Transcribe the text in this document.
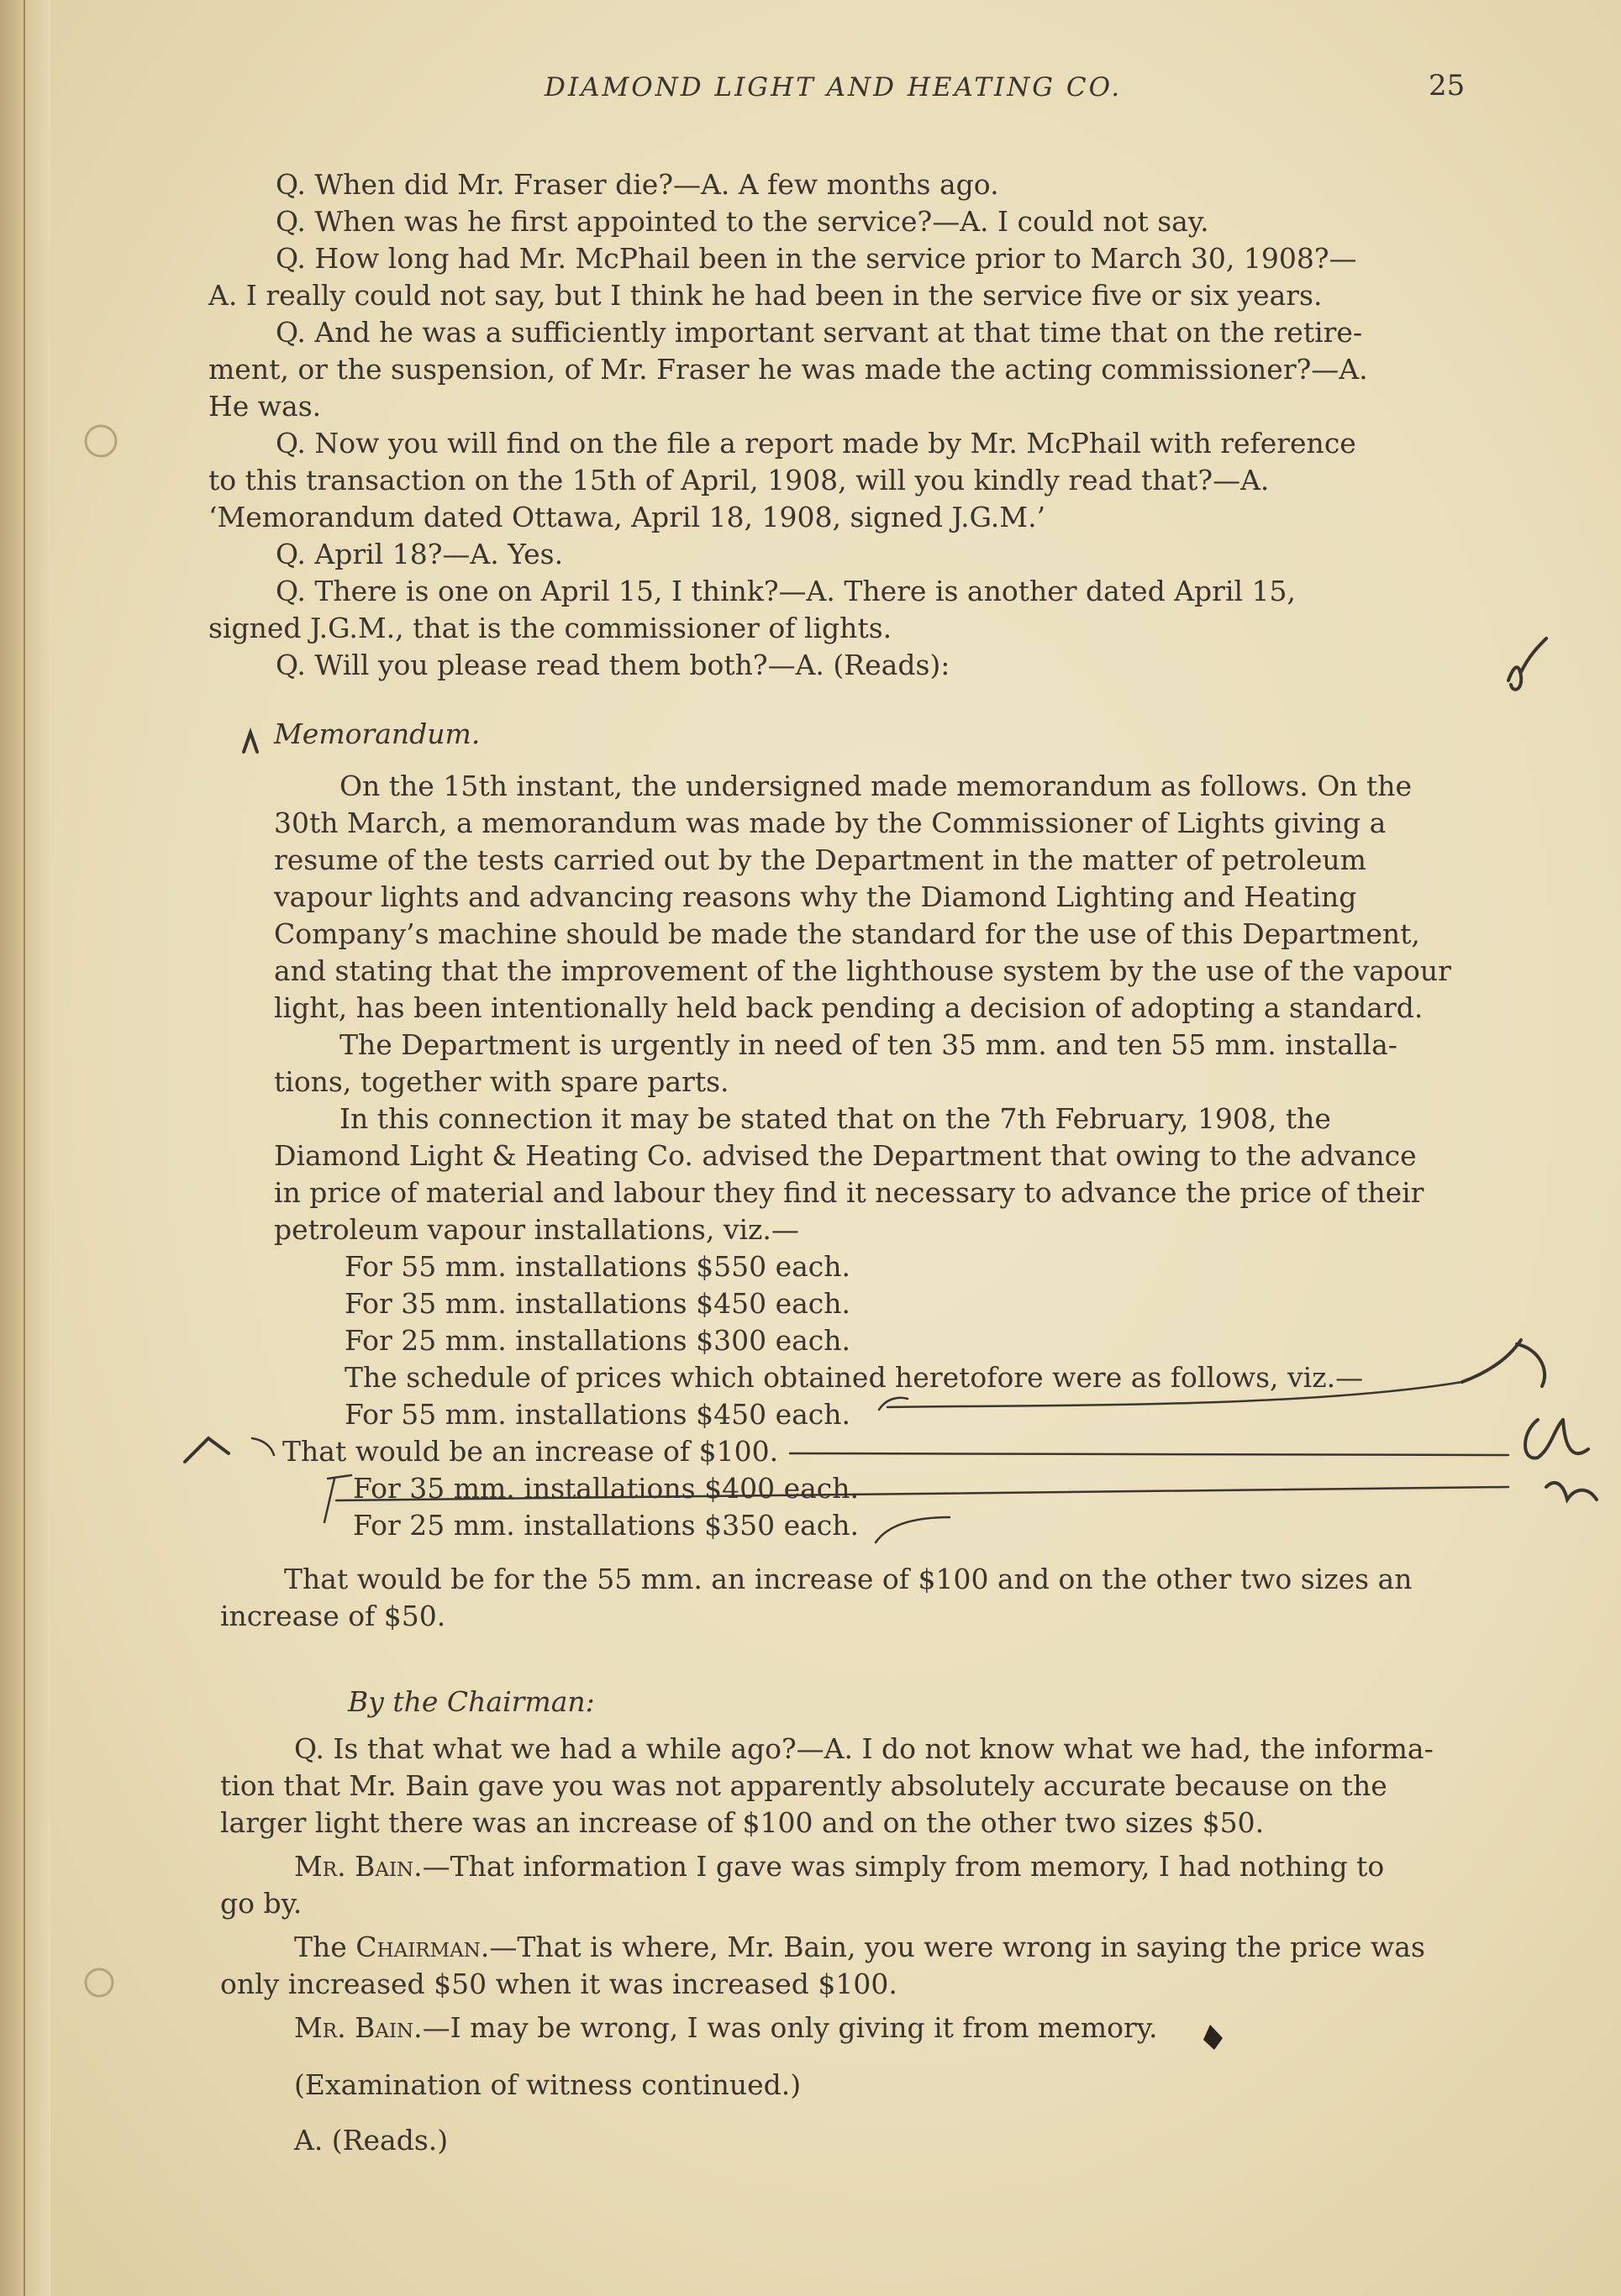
DIAMOND LIGHT AND HEATING CO.	25
Q. When did Mr. Fraser die?—A. A few months ago.
Q. When was he first appointed to the service?—A. I could not say.
Q. How long had Mr. McPhail been in the service prior to March 30, 1908?—
A. I really could not say, but I think he had been in the service five or six years.
Q. And he was a sufficiently important servant at that time that on the retire-
ment, or the suspension, of Mr. Fraser he was made the acting commissioner?—A.
He was.
Q. Now you will find on the file a report made by Mr. McPhail with reference
to this transaction on the 15th of April, 1908, will you kindly read that?—A.
‘Memorandum dated Ottawa, April 18, 1908, signed J.G.M.’
Q. April 18?—A. Yes.
Q. There is one on April 15, I think?—A. There is another dated April 15,
signed J.G.M., that is the commissioner of lights.
Q. Will you please read them both?—A. (Reads):
Memorandum.
On the 15th instant, the undersigned made memorandum as follows. On the
30th March, a memorandum was made by the Commissioner of Lights giving a
resume of the tests carried out by the Department in the matter of petroleum
vapour lights and advancing reasons why the Diamond Lighting and Heating
Company’s machine should be made the standard for the use of this Department,
and stating that the improvement of the lighthouse system by the use of the vapour
light, has been intentionally held back pending a decision of adopting a standard.
The Department is urgently in need of ten 35 mm. and ten 55 mm. installa-
tions, together with spare parts.
In this connection it may be stated that on the 7th February, 1908, the
Diamond Light & Heating Co. advised the Department that owing to the advance
in price of material and labour they find it necessary to advance the price of their
petroleum vapour installations, viz.—
For 55 mm. installations $550 each.
For 35 mm. installations $450 each.
For 25 mm. installations $300 each.
The schedule of prices which obtained heretofore were as follows, viz.—
For 55 mm. installations $450 each.
That would be an increase of $100.
For 35 mm. installations $400 each.
For 25 mm. installations $350 each.
That would be for the 55 mm. an increase of $100 and on the other two sizes an
increase of $50.
By the Chairman:
Q. Is that what we had a while ago?—A. I do not know what we had, the informa-
tion that Mr. Bain gave you was not apparently absolutely accurate because on the
larger light there was an increase of $100 and on the other two sizes $50.
Mr. Bain.—That information I gave was simply from memory, I had nothing to
go by.
The Chairman.—That is where, Mr. Bain, you were wrong in saying the price was
only increased $50 when it was increased $100.
Mr. Bain.—I may be wrong, I was only giving it from memory.
(Examination of witness continued.)
A. (Reads.)
